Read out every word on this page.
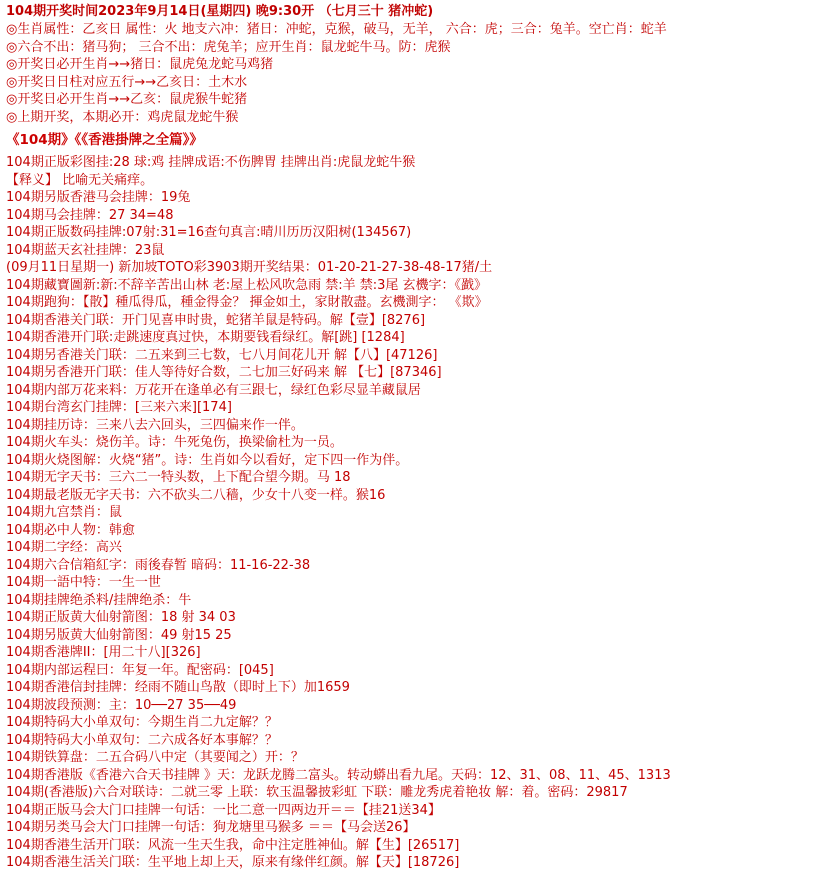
104期开奖时间2023年9月14日(星期四) 晚9:30开 （七月三十 猪冲蛇)
◎生肖属性：乙亥日 属性：火 地支六冲：猪日：冲蛇，克猴，破马，无羊， 六合：虎；三合：兔羊。空亡肖：蛇羊
◎六合不出：猪马狗； 三合不出：虎兔羊；应开生肖：鼠龙蛇牛马。防：虎猴
◎开奖日必开生肖→→猪日：鼠虎兔龙蛇马鸡猪
◎开奖日日柱对应五行→→乙亥日：土木水
◎开奖日必开生肖→→乙亥：鼠虎猴牛蛇猪
◎上期开奖，本期必开：鸡虎鼠龙蛇牛猴
《104期》《《香港掛牌之全篇》》
104期正版彩图挂:28 球:鸡 挂牌成语:不伤脾胃 挂牌出肖:虎鼠龙蛇牛猴
【释义】 比喻无关痛痒。
104期另版香港马会挂牌：19兔
104期马会挂牌：27 34=48
104期正版数码挂牌:07射:31=16查句真言:晴川历历汉阳树(134567)
104期蓝天玄社挂牌：23鼠
(09月11日星期一) 新加坡TOTO彩3903期开奖结果：01-20-21-27-38-48-17猪/土
104期藏寶圖新:新:不辞辛苦出山林 老:屋上松风吹急雨 禁:羊 禁:3尾 玄機字：《戤》
104期跑狗：【散】種瓜得瓜，種金得金？ 揮金如土，家財散盡。玄機測字： 《欺》
104期香港关门联：开门见喜申时贵，蛇猪羊鼠是特码。解【壹】[8276]
104期香港开门联:走跳速度真过快，本期要钱看绿红。解[跳] [1284]
104期另香港关门联：二五来到三七数，七八月间花儿开 解【八】[47126]
104期另香港开门联：佳人等待好合数，二七加三好码来 解 【七】[87346]
104期内部万花来料：万花开在逢单必有三跟七，绿红色彩尽显羊藏鼠居
104期台湾玄门挂牌：[三来六来][174]
104期挂历诗：三来八去六回头，三四偏来作一伴。
104期火车头：烧伤羊。诗：牛死兔伤，换梁偷杜为一员。
104期火烧图解：火烧“猪”。诗：生肖如今以看好，定下四一作为伴。
104期无字天书：三六二一特头数，上下配合望今期。马 18
104期最老版无字天书：六不砍头二八穑，少女十八变一样。猴16
104期九宫禁肖：鼠
104期必中人物：韩愈
104期二字经：高兴
104期六合信箱紅字：雨後春暂 暗码：11-16-22-38
104期一語中特：一生一世
104期挂牌绝杀料/挂牌绝杀：牛
104期正版黄大仙射箭图：18 射 34 03
104期另版黄大仙射箭图：49 射15 25
104期香港牌ⅠⅠ：[用二十八][326]
104期内部运程曰：年复一年。配密码：[045]
104期香港信封挂牌：经雨不随山鸟散（即时上下）加1659
104期波段预测：主：10──27 35──49
104期特码大小单双句：今期生肖二九定解？？
104期特码大小单双句：二六成各好本事解？？
104期铁算盘：二五合码八中定（其要闻之）开：？
104期香港版《香港六合天书挂牌 》天：龙跃龙腾二富头。转动蟒出看九尾。天码：12、31、08、11、45、1313
104期(香港版)六合对联诗：二就三零 上联：软玉温馨披彩虹 下联：雕龙秀虎着艳妆 解：着。密码：29817
104期正版马会大门口挂牌一句话：一比二意一四两边开＝＝【挂21送34】
104期另类马会大门口挂牌一句话：狗龙塘里马猴多 ＝＝【马会送26】
104期香港生活开门联：风流一生天生我，命中注定胜神仙。解【生】[26517]
104期香港生活关门联：生平地上却上天，原来有缘伴红颜。解【天】[18726]
